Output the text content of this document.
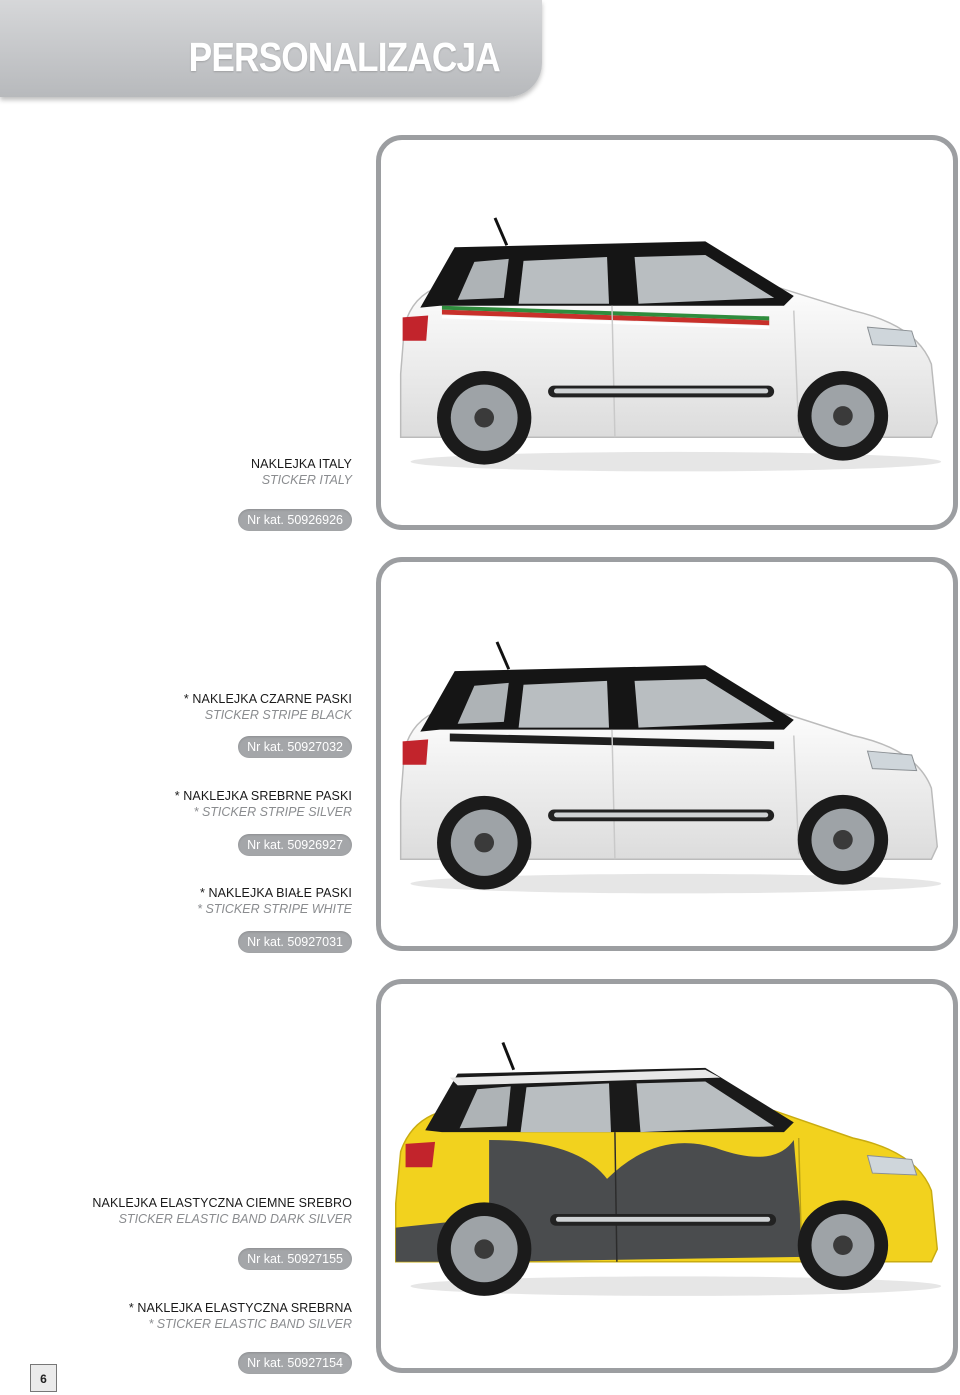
PERSONALIZACJA
NAKLEJKA ITALY
STICKER ITALY
Nr kat. 50926926
* NAKLEJKA CZARNE PASKI
STICKER STRIPE BLACK
Nr kat. 50927032
* NAKLEJKA SREBRNE PASKI
* STICKER STRIPE SILVER
Nr kat. 50926927
* NAKLEJKA BIAŁE PASKI
* STICKER STRIPE WHITE
Nr kat. 50927031
NAKLEJKA ELASTYCZNA CIEMNE SREBRO
STICKER ELASTIC BAND DARK SILVER
Nr kat. 50927155
* NAKLEJKA ELASTYCZNA SREBRNA
* STICKER ELASTIC BAND SILVER
Nr kat. 50927154
6
